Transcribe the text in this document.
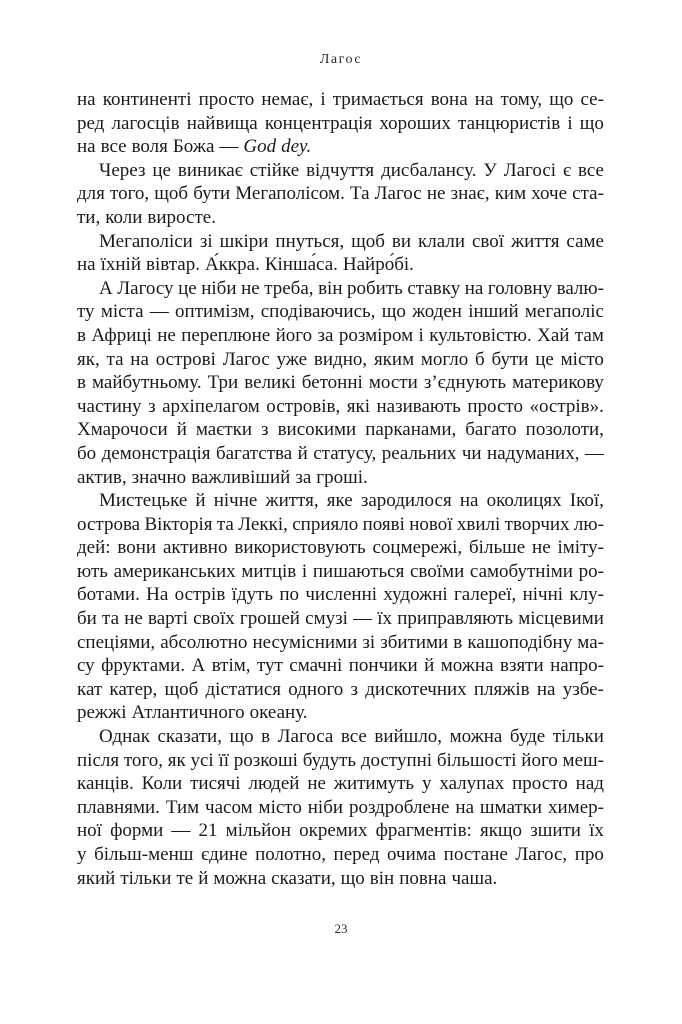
Лагос
на континенті просто немає, і тримається вона на тому, що се-
ред лагосців найвища концентрація хороших танцюристів і що
на все воля Божа — God dey.
Через це виникає стійке відчуття дисбалансу. У Лагосі є все
для того, щоб бути Мегаполісом. Та Лагос не знає, ким хоче ста-
ти, коли виросте.
Мегаполіси зі шкіри пнуться, щоб ви клали свої життя саме
на їхній вівтар. А́ккра. Кінша́са. Найро́бі.
А Лагосу це ніби не треба, він робить ставку на головну валю-
ту міста — оптимізм, сподіваючись, що жоден інший мегаполіс
в Африці не переплюне його за розміром і культовістю. Хай там
як, та на острові Лагос уже видно, яким могло б бути це місто
в майбутньому. Три великі бетонні мости з’єднують материкову
частину з архіпелагом островів, які називають просто «острів».
Хмарочоси й маєтки з високими парканами, багато позолоти,
бо демонстрація багатства й статусу, реальних чи надуманих, —
актив, значно важливіший за гроші.
Мистецьке й нічне життя, яке зародилося на околицях Ікої,
острова Вікторія та Леккі, сприяло появі нової хвилі творчих лю-
дей: вони активно використовують соцмережі, більше не іміту-
ють американських митців і пишаються своїми самобутніми ро-
ботами. На острів їдуть по численні художні галереї, нічні клу-
би та не варті своїх грошей смузі — їх приправляють місцевими
спеціями, абсолютно несумісними зі збитими в кашоподібну ма-
су фруктами. А втім, тут смачні пончики й можна взяти напро-
кат катер, щоб дістатися одного з дискотечних пляжів на узбе-
режжі Атлантичного океану.
Однак сказати, що в Лагоса все вийшло, можна буде тільки
після того, як усі її розкоші будуть доступні більшості його меш-
канців. Коли тисячі людей не житимуть у халупах просто над
плавнями. Тим часом місто ніби роздроблене на шматки химер-
ної форми — 21 мільйон окремих фрагментів: якщо зшити їх
у більш-менш єдине полотно, перед очима постане Лагос, про
який тільки те й можна сказати, що він повна чаша.
23
